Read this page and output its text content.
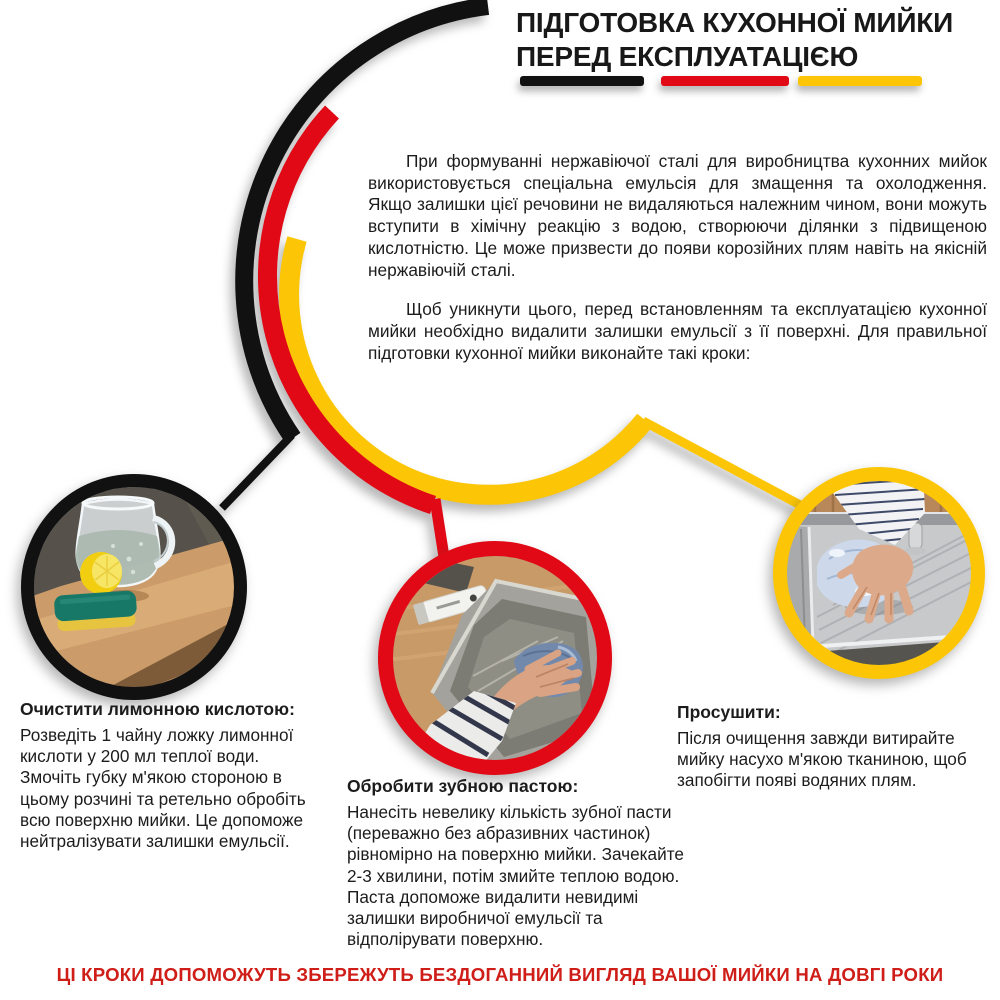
ПІДГОТОВКА КУХОННОЇ МИЙКИ
ПЕРЕД ЕКСПЛУАТАЦІЄЮ

При формуванні нержавіючої сталі для виробництва кухонних мийок використовується спеціальна емульсія для змащення та охолодження. Якщо залишки цієї речовини не видаляються належним чином, вони можуть вступити в хімічну реакцію з водою, створюючи ділянки з підвищеною кислотністю. Це може призвести до появи корозійних плям навіть на якісній нержавіючій сталі.

Щоб уникнути цього, перед встановленням та експлуатацією кухонної мийки необхідно видалити залишки емульсії з її поверхні. Для правильної підготовки кухонної мийки виконайте такі кроки:

Очистити лимонною кислотою:

Розведіть 1 чайну ложку лимонної кислоти у 200 мл теплої води. Змочіть губку м'якою стороною в цьому розчині та ретельно обробіть всю поверхню мийки. Це допоможе нейтралізувати залишки емульсії.

Обробити зубною пастою:

Нанесіть невелику кількість зубної пасти (переважно без абразивних частинок) рівномірно на поверхню мийки. Зачекайте 2-3 хвилини, потім змийте теплою водою. Паста допоможе видалити невидимі залишки виробничої емульсії та відполірувати поверхню.

Просушити:

Після очищення завжди витирайте мийку насухо м'якою тканиною, щоб запобігти появі водяних плям.

ЦІ КРОКИ ДОПОМОЖУТЬ ЗБЕРЕЖУТЬ БЕЗДОГАННИЙ ВИГЛЯД ВАШОЇ МИЙКИ НА ДОВГІ РОКИ
